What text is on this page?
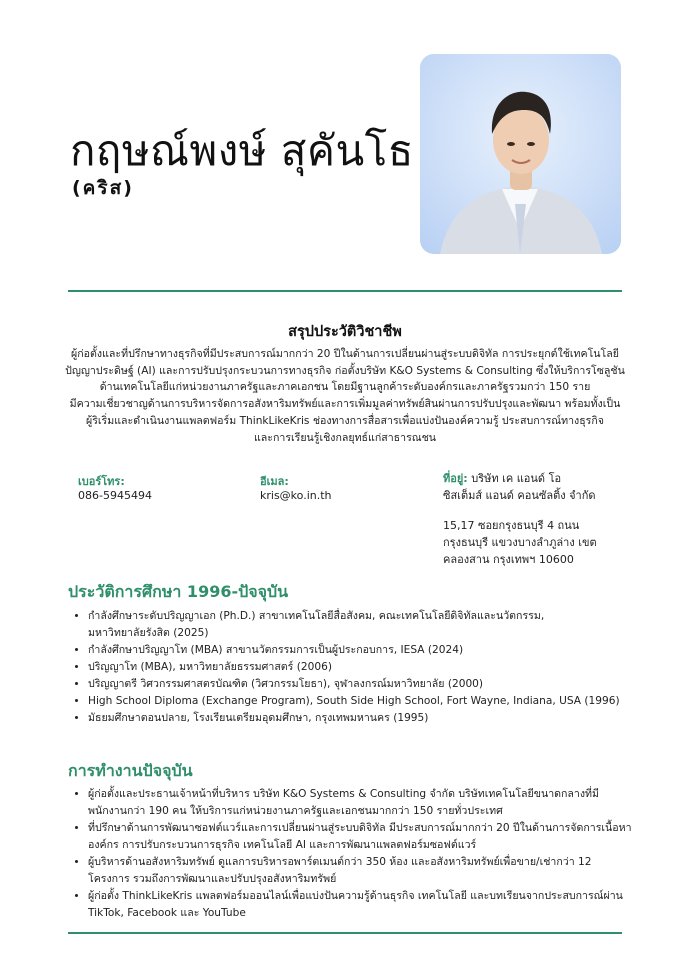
กฤษณ์พงษ์ สุคันโธ
(คริส)
สรุปประวัติวิชาชีพ
ผู้ก่อตั้งและที่ปรึกษาทางธุรกิจที่มีประสบการณ์มากกว่า 20 ปีในด้านการเปลี่ยนผ่านสู่ระบบดิจิทัล การประยุกต์ใช้เทคโนโลยี
ปัญญาประดิษฐ์ (AI) และการปรับปรุงกระบวนการทางธุรกิจ ก่อตั้งบริษัท K&O Systems & Consulting ซึ่งให้บริการโซลูชัน
ด้านเทคโนโลยีแก่หน่วยงานภาครัฐและภาคเอกชน โดยมีฐานลูกค้าระดับองค์กรและภาครัฐรวมกว่า 150 ราย
มีความเชี่ยวชาญด้านการบริหารจัดการอสังหาริมทรัพย์และการเพิ่มมูลค่าทรัพย์สินผ่านการปรับปรุงและพัฒนา พร้อมทั้งเป็น
ผู้ริเริ่มและดำเนินงานแพลตฟอร์ม ThinkLikeKris ช่องทางการสื่อสารเพื่อแบ่งปันองค์ความรู้ ประสบการณ์ทางธุรกิจ
และการเรียนรู้เชิงกลยุทธ์แก่สาธารณชน
เบอร์โทร:
086-5945494
อีเมล:
kris@ko.in.th
ที่อยู่: บริษัท เค แอนด์ โอ
ซิสเต็มส์ แอนด์ คอนซัลติ้ง จำกัด
15,17 ซอยกรุงธนบุรี 4 ถนน
กรุงธนบุรี แขวงบางลำภูล่าง เขต
คลองสาน กรุงเทพฯ 10600
ประวัติการศึกษา 1996-ปัจจุบัน
• กำลังศึกษาระดับปริญญาเอก (Ph.D.) สาขาเทคโนโลยีสื่อสังคม, คณะเทคโนโลยีดิจิทัลและนวัตกรรม,
มหาวิทยาลัยรังสิต (2025)
• กำลังศึกษาปริญญาโท (MBA) สาขานวัตกรรมการเป็นผู้ประกอบการ, IESA (2024)
• ปริญญาโท (MBA), มหาวิทยาลัยธรรมศาสตร์ (2006)
• ปริญญาตรี วิศวกรรมศาสตรบัณฑิต (วิศวกรรมโยธา), จุฬาลงกรณ์มหาวิทยาลัย (2000)
• High School Diploma (Exchange Program), South Side High School, Fort Wayne, Indiana, USA (1996)
• มัธยมศึกษาตอนปลาย, โรงเรียนเตรียมอุดมศึกษา, กรุงเทพมหานคร (1995)
การทำงานปัจจุบัน
• ผู้ก่อตั้งและประธานเจ้าหน้าที่บริหาร บริษัท K&O Systems & Consulting จำกัด บริษัทเทคโนโลยีขนาดกลางที่มี
พนักงานกว่า 190 คน ให้บริการแก่หน่วยงานภาครัฐและเอกชนมากกว่า 150 รายทั่วประเทศ
• ที่ปรึกษาด้านการพัฒนาซอฟต์แวร์และการเปลี่ยนผ่านสู่ระบบดิจิทัล มีประสบการณ์มากกว่า 20 ปีในด้านการจัดการเนื้อหา
องค์กร การปรับกระบวนการธุรกิจ เทคโนโลยี AI และการพัฒนาแพลตฟอร์มซอฟต์แวร์
• ผู้บริหารด้านอสังหาริมทรัพย์ ดูแลการบริหารอพาร์ตเมนต์กว่า 350 ห้อง และอสังหาริมทรัพย์เพื่อขาย/เช่ากว่า 12
โครงการ รวมถึงการพัฒนาและปรับปรุงอสังหาริมทรัพย์
• ผู้ก่อตั้ง ThinkLikeKris แพลตฟอร์มออนไลน์เพื่อแบ่งปันความรู้ด้านธุรกิจ เทคโนโลยี และบทเรียนจากประสบการณ์ผ่าน
TikTok, Facebook และ YouTube
